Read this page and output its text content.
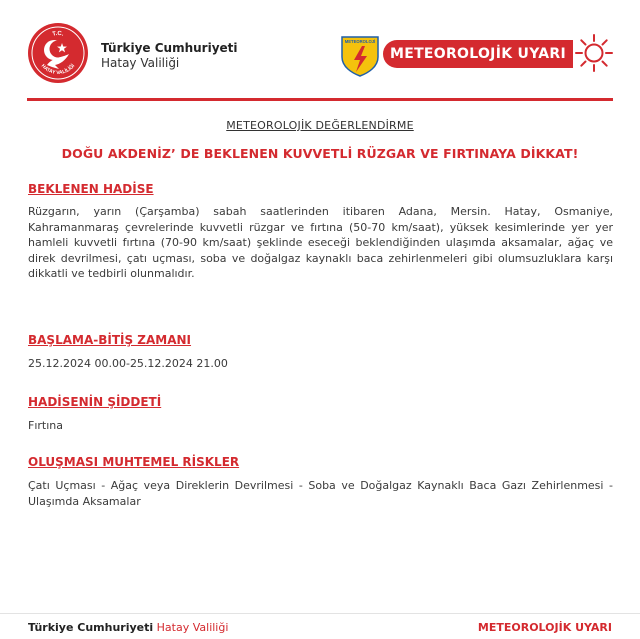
T.C.
HATAY VALİLİĞİ
Türkiye Cumhuriyeti
Hatay Valiliği
METEOROLOJİ
METEOROLOJİK UYARI
METEOROLOJİK DEĞERLENDİRME
DOĞU AKDENİZ’ DE BEKLENEN KUVVETLİ RÜZGAR VE FIRTINAYA DİKKAT!
BEKLENEN HADİSE
Rüzgarın, yarın (Çarşamba) sabah saatlerinden itibaren Adana, Mersin. Hatay, Osmaniye, Kahramanmaraş çevrelerinde kuvvetli rüzgar ve fırtına (50-70 km/saat), yüksek kesimlerinde yer yer hamleli kuvvetli fırtına (70-90 km/saat) şeklinde eseceği beklendiğinden ulaşımda aksamalar, ağaç ve direk devrilmesi, çatı uçması, soba ve doğalgaz kaynaklı baca zehirlenmeleri gibi olumsuzluklara karşı dikkatli ve tedbirli olunmalıdır.
BAŞLAMA-BİTİŞ ZAMANI
25.12.2024 00.00-25.12.2024 21.00
HADİSENİN ŞİDDETİ
Fırtına
OLUŞMASI MUHTEMEL RİSKLER
Çatı Uçması - Ağaç veya Direklerin Devrilmesi - Soba ve Doğalgaz Kaynaklı Baca Gazı Zehirlenmesi - Ulaşımda Aksamalar
Türkiye Cumhuriyeti Hatay Valiliği	METEOROLOJİK UYARI
